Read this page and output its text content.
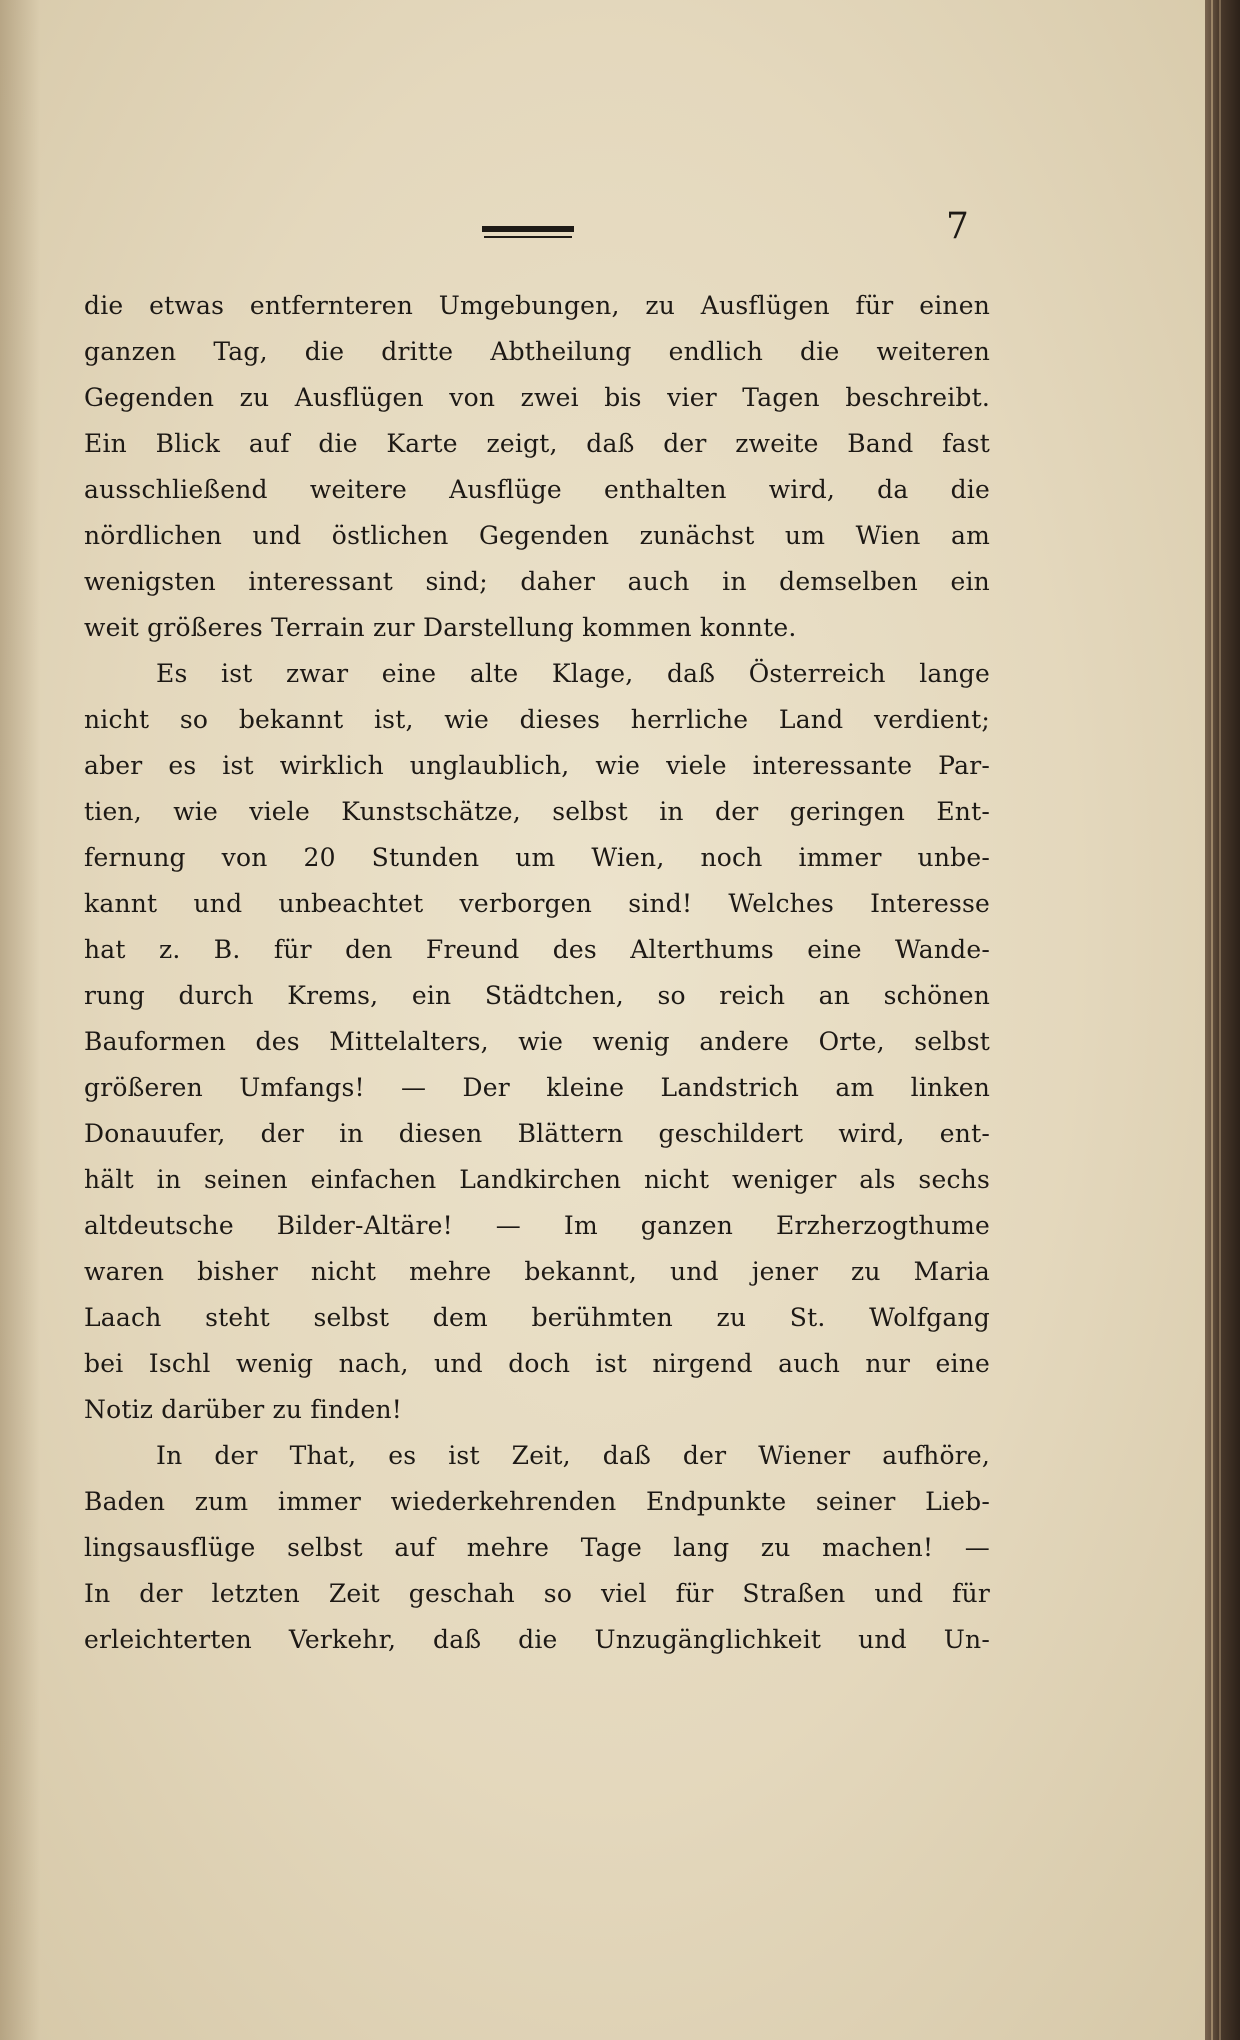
7
die etwas entfernteren Umgebungen, zu Ausflügen für einen
ganzen Tag, die dritte Abtheilung endlich die weiteren
Gegenden zu Ausflügen von zwei bis vier Tagen beschreibt.
Ein Blick auf die Karte zeigt, daß der zweite Band fast
ausschließend weitere Ausflüge enthalten wird, da die
nördlichen und östlichen Gegenden zunächst um Wien am
wenigsten interessant sind; daher auch in demselben ein
weit größeres Terrain zur Darstellung kommen konnte.
Es ist zwar eine alte Klage, daß Österreich lange
nicht so bekannt ist, wie dieses herrliche Land verdient;
aber es ist wirklich unglaublich, wie viele interessante Par-
tien, wie viele Kunstschätze, selbst in der geringen Ent-
fernung von 20 Stunden um Wien, noch immer unbe-
kannt und unbeachtet verborgen sind! Welches Interesse
hat z. B. für den Freund des Alterthums eine Wande-
rung durch Krems, ein Städtchen, so reich an schönen
Bauformen des Mittelalters, wie wenig andere Orte, selbst
größeren Umfangs! — Der kleine Landstrich am linken
Donauufer, der in diesen Blättern geschildert wird, ent-
hält in seinen einfachen Landkirchen nicht weniger als sechs
altdeutsche Bilder-Altäre! — Im ganzen Erzherzogthume
waren bisher nicht mehre bekannt, und jener zu Maria
Laach steht selbst dem berühmten zu St. Wolfgang
bei Ischl wenig nach, und doch ist nirgend auch nur eine
Notiz darüber zu finden!
In der That, es ist Zeit, daß der Wiener aufhöre,
Baden zum immer wiederkehrenden Endpunkte seiner Lieb-
lingsausflüge selbst auf mehre Tage lang zu machen! —
In der letzten Zeit geschah so viel für Straßen und für
erleichterten Verkehr, daß die Unzugänglichkeit und Un-
